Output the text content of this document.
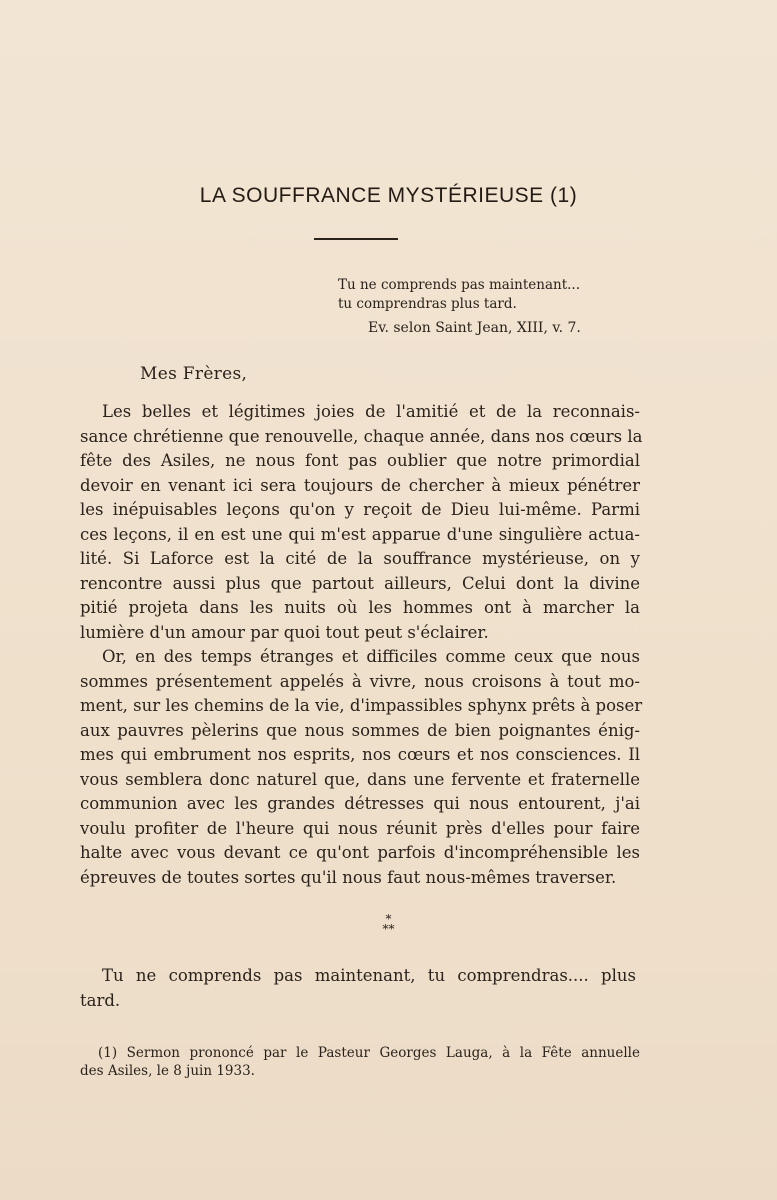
LA SOUFFRANCE MYSTÉRIEUSE (1)
Tu ne comprends pas maintenant...
tu comprendras plus tard.
Ev. selon Saint Jean, XIII, v. 7.
Mes Frères,
Les belles et légitimes joies de l'amitié et de la reconnais-
sance chrétienne que renouvelle, chaque année, dans nos cœurs la
fête des Asiles, ne nous font pas oublier que notre primordial
devoir en venant ici sera toujours de chercher à mieux pénétrer
les inépuisables leçons qu'on y reçoit de Dieu lui-même. Parmi
ces leçons, il en est une qui m'est apparue d'une singulière actua-
lité. Si Laforce est la cité de la souffrance mystérieuse, on y
rencontre aussi plus que partout ailleurs, Celui dont la divine
pitié projeta dans les nuits où les hommes ont à marcher la
lumière d'un amour par quoi tout peut s'éclairer.
Or, en des temps étranges et difficiles comme ceux que nous
sommes présentement appelés à vivre, nous croisons à tout mo-
ment, sur les chemins de la vie, d'impassibles sphynx prêts à poser
aux pauvres pèlerins que nous sommes de bien poignantes énig-
mes qui embrument nos esprits, nos cœurs et nos consciences. Il
vous semblera donc naturel que, dans une fervente et fraternelle
communion avec les grandes détresses qui nous entourent, j'ai
voulu profiter de l'heure qui nous réunit près d'elles pour faire
halte avec vous devant ce qu'ont parfois d'incompréhensible les
épreuves de toutes sortes qu'il nous faut nous-mêmes traverser.
*
**
Tu ne comprends pas maintenant, tu comprendras.... plus
tard.
(1) Sermon prononcé par le Pasteur Georges Lauga, à la Fête annuelle
des Asiles, le 8 juin 1933.
